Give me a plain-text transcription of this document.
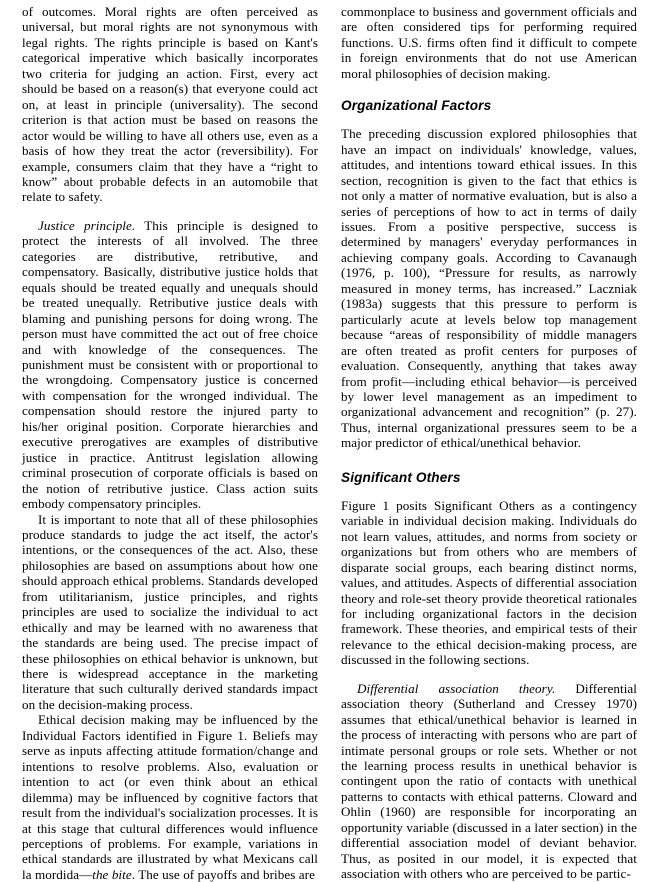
of outcomes. Moral rights are often perceived as universal, but moral rights are not synonymous with legal rights. The rights principle is based on Kant's categorical imperative which basically incorporates two criteria for judging an action. First, every act should be based on a reason(s) that everyone could act on, at least in principle (universality). The second criterion is that action must be based on reasons the actor would be willing to have all others use, even as a basis of how they treat the actor (reversibility). For example, consumers claim that they have a “right to know” about probable defects in an automobile that relate to safety.

Justice principle. This principle is designed to protect the interests of all involved. The three categories are distributive, retributive, and compensatory. Basically, distributive justice holds that equals should be treated equally and unequals should be treated unequally. Retributive justice deals with blaming and punishing persons for doing wrong. The person must have committed the act out of free choice and with knowledge of the consequences. The punishment must be consistent with or proportional to the wrongdoing. Compensatory justice is concerned with compensation for the wronged individual. The compensation should restore the injured party to his/her original position. Corporate hierarchies and executive prerogatives are examples of distributive justice in practice. Antitrust legislation allowing criminal prosecution of corporate officials is based on the notion of retributive justice. Class action suits embody compensatory principles.

It is important to note that all of these philosophies produce standards to judge the act itself, the actor's intentions, or the consequences of the act. Also, these philosophies are based on assumptions about how one should approach ethical problems. Standards developed from utilitarianism, justice principles, and rights principles are used to socialize the individual to act ethically and may be learned with no awareness that the standards are being used. The precise impact of these philosophies on ethical behavior is unknown, but there is widespread acceptance in the marketing literature that such culturally derived standards impact on the decision-making process.

Ethical decision making may be influenced by the Individual Factors identified in Figure 1. Beliefs may serve as inputs affecting attitude formation/change and intentions to resolve problems. Also, evaluation or intention to act (or even think about an ethical dilemma) may be influenced by cognitive factors that result from the individual's socialization processes. It is at this stage that cultural differences would influence perceptions of problems. For example, variations in ethical standards are illustrated by what Mexicans call la mordida—the bite. The use of payoffs and bribes are

commonplace to business and government officials and are often considered tips for performing required functions. U.S. firms often find it difficult to compete in foreign environments that do not use American moral philosophies of decision making.

Organizational Factors

The preceding discussion explored philosophies that have an impact on individuals' knowledge, values, attitudes, and intentions toward ethical issues. In this section, recognition is given to the fact that ethics is not only a matter of normative evaluation, but is also a series of perceptions of how to act in terms of daily issues. From a positive perspective, success is determined by managers' everyday performances in achieving company goals. According to Cavanaugh (1976, p. 100), “Pressure for results, as narrowly measured in money terms, has increased.” Laczniak (1983a) suggests that this pressure to perform is particularly acute at levels below top management because “areas of responsibility of middle managers are often treated as profit centers for purposes of evaluation. Consequently, anything that takes away from profit—including ethical behavior—is perceived by lower level management as an impediment to organizational advancement and recognition” (p. 27). Thus, internal organizational pressures seem to be a major predictor of ethical/unethical behavior.

Significant Others

Figure 1 posits Significant Others as a contingency variable in individual decision making. Individuals do not learn values, attitudes, and norms from society or organizations but from others who are members of disparate social groups, each bearing distinct norms, values, and attitudes. Aspects of differential association theory and role-set theory provide theoretical rationales for including organizational factors in the decision framework. These theories, and empirical tests of their relevance to the ethical decision-making process, are discussed in the following sections.

Differential association theory. Differential association theory (Sutherland and Cressey 1970) assumes that ethical/unethical behavior is learned in the process of interacting with persons who are part of intimate personal groups or role sets. Whether or not the learning process results in unethical behavior is contingent upon the ratio of contacts with unethical patterns to contacts with ethical patterns. Cloward and Ohlin (1960) are responsible for incorporating an opportunity variable (discussed in a later section) in the differential association model of deviant behavior. Thus, as posited in our model, it is expected that association with others who are perceived to be partic-
